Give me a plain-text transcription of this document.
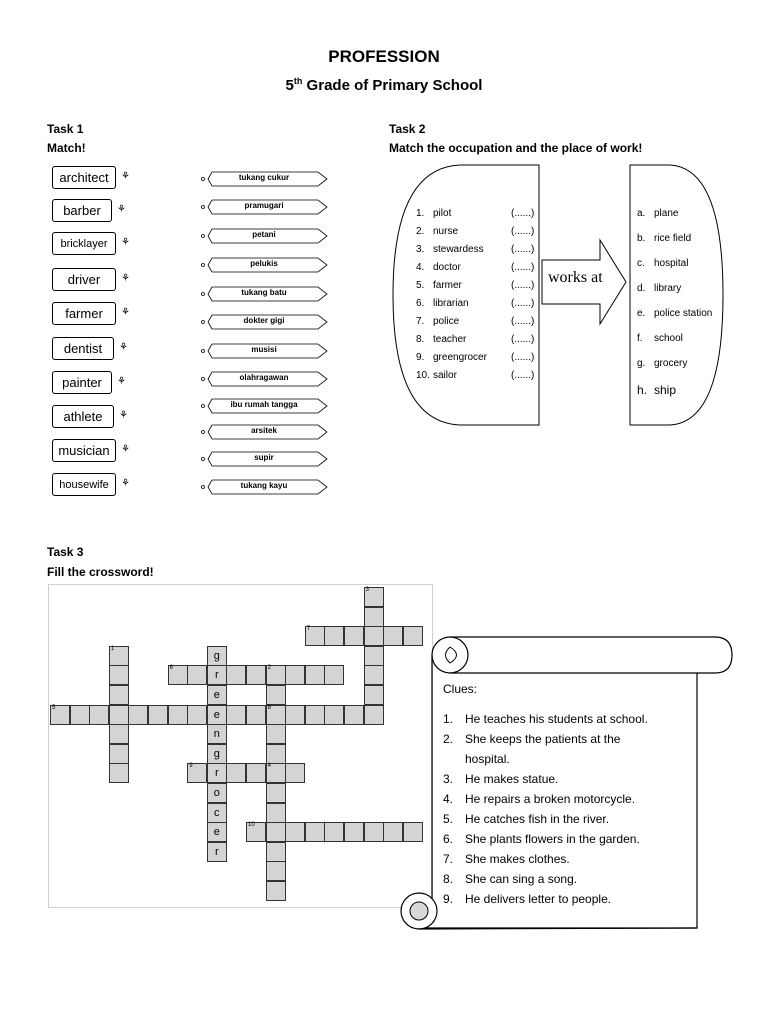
PROFESSION
5th Grade of Primary School
Task 1
Match!
architect	⚘
barber	⚘
bricklayer	⚘
driver	⚘
farmer	⚘
dentist	⚘
painter	⚘
athlete	⚘
musician	⚘
housewife	⚘
tukang cukur
pramugari
petani
pelukis
tukang batu
dokter gigi
musisi
olahragawan
ibu rumah tangga
arsitek
supir
tukang kayu
Task 2
Match the occupation and the place of work!
works at
1. pilot	(......)
2. nurse	(......)
3. stewardess	(......)
4. doctor	(......)
5. farmer	(......)
6. librarian	(......)
7. police	(......)
8. teacher	(......)
9. greengrocer (......)
10. sailor	(......)
a. plane
b. rice field
c. hospital
d. library
e. police station
f. school
g. grocery
h. ship
Task 3
Fill the crossword!
3
7
1
6	2
g
r
e
e
n
g
r
o
c
e
r
5	8
9	4
10
Clues:
1. He teaches his students at school.
2. She keeps the patients at the
hospital.
3. He makes statue.
4. He repairs a broken motorcycle.
5. He catches fish in the river.
6. She plants flowers in the garden.
7. She makes clothes.
8. She can sing a song.
9. He delivers letter to people.
